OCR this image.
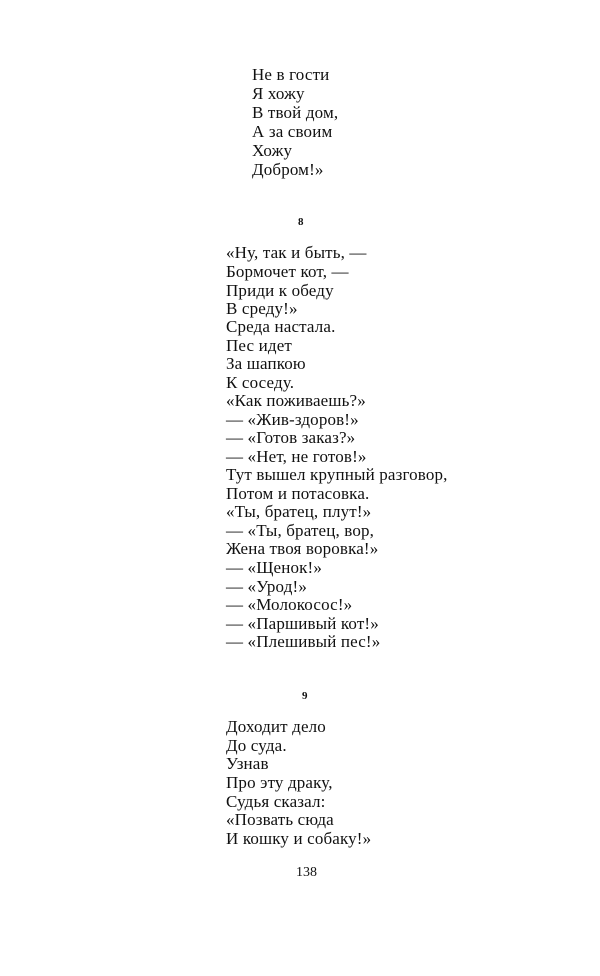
Не в гости
Я хожу
В твой дом,
А за своим
Хожу
Добром!»
8
«Ну, так и быть, —
Бормочет кот, —
Приди к обеду
В среду!»
Среда настала.
Пес идет
За шапкою
К соседу.
«Как поживаешь?»
— «Жив-здоров!»
— «Готов заказ?»
— «Нет, не готов!»
Тут вышел крупный разговор,
Потом и потасовка.
«Ты, братец, плут!»
— «Ты, братец, вор,
Жена твоя воровка!»
— «Щенок!»
— «Урод!»
— «Молокосос!»
— «Паршивый кот!»
— «Плешивый пес!»
9
Доходит дело
До суда.
Узнав
Про эту драку,
Судья сказал:
«Позвать сюда
И кошку и собаку!»
138
